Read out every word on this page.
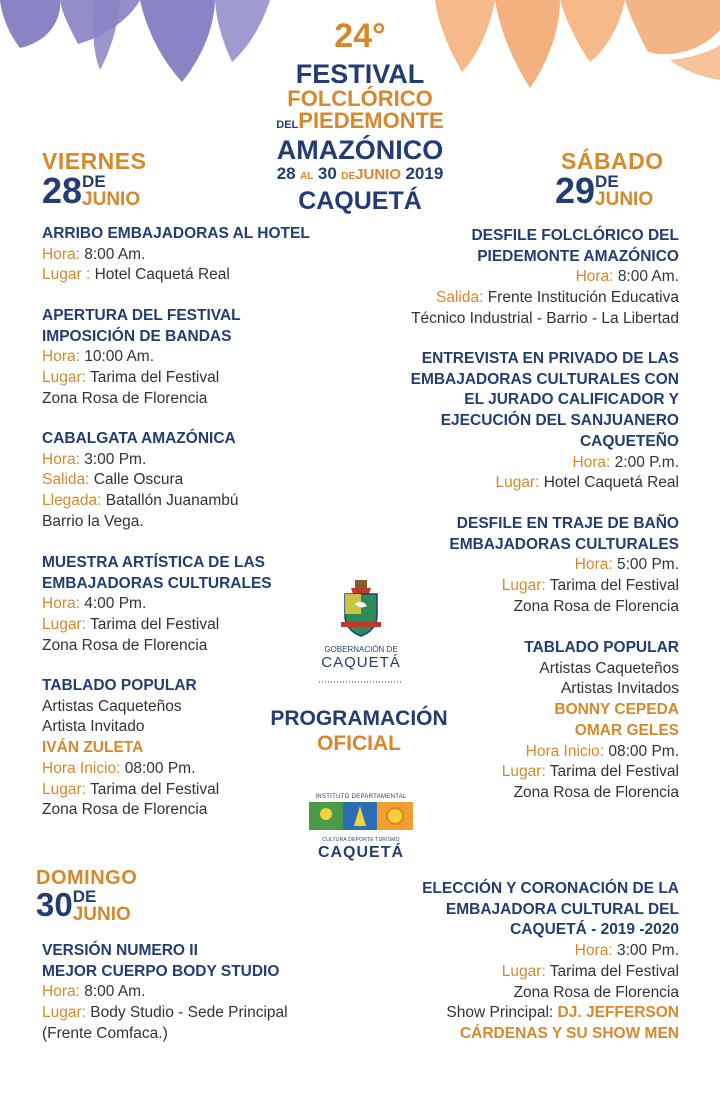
24°
FESTIVAL
FOLCLÓRICO
DELPIEDEMONTE
AMAZÓNICO
28 AL 30 DEJUNIO 2019
CAQUETÁ
VIERNES
28 DE
JUNIO
SÁBADO
29 DE
JUNIO
DOMINGO
30 DE
JUNIO
ARRIBO EMBAJADORAS AL HOTEL
Hora: 8:00 Am.
Lugar : Hotel Caquetá Real
APERTURA DEL FESTIVAL
IMPOSICIÓN DE BANDAS
Hora: 10:00 Am.
Lugar: Tarima del Festival
Zona Rosa de Florencia
CABALGATA AMAZÓNICA
Hora: 3:00 Pm.
Salida: Calle Oscura
Llegada: Batallón Juanambú
Barrio la Vega.
MUESTRA ARTÍSTICA DE LAS
EMBAJADORAS CULTURALES
Hora: 4:00 Pm.
Lugar: Tarima del Festival
Zona Rosa de Florencia
TABLADO POPULAR
Artistas Caqueteños
Artista Invitado
IVÁN ZULETA
Hora Inicio: 08:00 Pm.
Lugar: Tarima del Festival
Zona Rosa de Florencia
DESFILE FOLCLÓRICO DEL
PIEDEMONTE AMAZÓNICO
Hora: 8:00 Am.
Salida: Frente Institución Educativa
Técnico Industrial - Barrio - La Libertad
ENTREVISTA EN PRIVADO DE LAS
EMBAJADORAS CULTURALES CON
EL JURADO CALIFICADOR Y
EJECUCIÓN DEL SANJUANERO
CAQUETEÑO
Hora: 2:00 P.m.
Lugar: Hotel Caquetá Real
DESFILE EN TRAJE DE BAÑO
EMBAJADORAS CULTURALES
Hora: 5:00 Pm.
Lugar: Tarima del Festival
Zona Rosa de Florencia
TABLADO POPULAR
Artistas Caqueteños
Artistas Invitados
BONNY CEPEDA
OMAR GELES
Hora Inicio: 08:00 Pm.
Lugar: Tarima del Festival
Zona Rosa de Florencia
GOBERNACIÓN DE
CAQUETÁ
PROGRAMACIÓN
OFICIAL
INSTITUTO DEPARTAMENTAL
CULTURA DEPORTE TURISMO
CAQUETÁ
VERSIÓN NUMERO II
MEJOR CUERPO BODY STUDIO
Hora: 8:00 Am.
Lugar: Body Studio - Sede Principal
(Frente Comfaca.)
ELECCIÓN Y CORONACIÓN DE LA
EMBAJADORA CULTURAL DEL
CAQUETÁ - 2019 -2020
Hora: 3:00 Pm.
Lugar: Tarima del Festival
Zona Rosa de Florencia
Show Principal: DJ. JEFFERSON
CÁRDENAS Y SU SHOW MEN
